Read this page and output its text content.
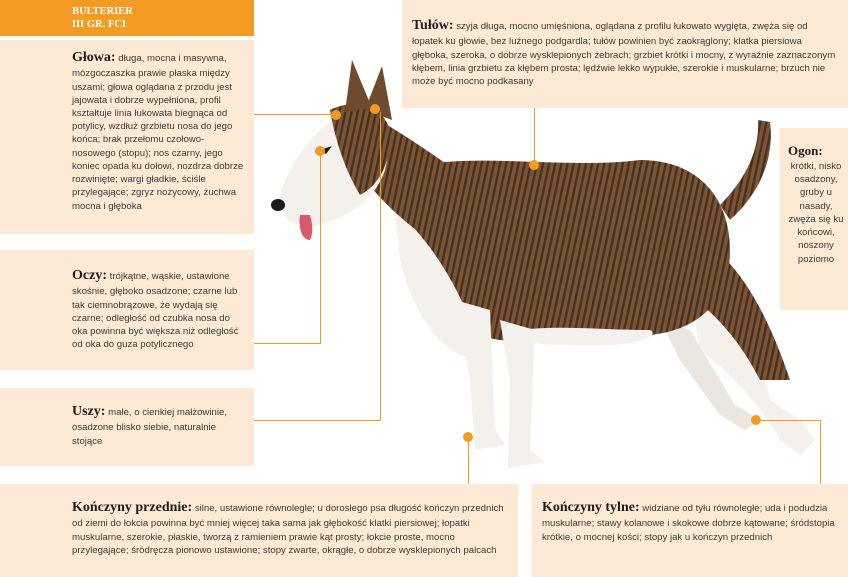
BULTERIER
III GR. FCI
Głowa: długa, mocna i masywna, mózgoczaszka prawie płaska między uszami; głowa oglądana z przodu jest jajowata i dobrze wypełniona, profil kształtuje linia łukowata biegnąca od potylicy, wzdłuż grzbietu nosa do jego końca; brak przełomu czołowo-nosowego (stopu); nos czarny, jego koniec opada ku dołowi, nozdrza dobrze rozwinięte; wargi gładkie, ściśle przylegające; zgryz nożycowy, żuchwa mocna i głęboka
Oczy: trójkątne, wąskie, ustawione skośnie, głęboko osadzone; czarne lub tak ciemnobrązowe, że wydają się czarne; odległość od czubka nosa do oka powinna być większa niż odległość od oka do guza potylicznego
Uszy: małe, o cienkiej małżowinie, osadzone blisko siebie, naturalnie stojące
Tułów: szyja długa, mocno umięśniona, oglądana z profilu łukowato wygięta, zwęża się od łopatek ku głowie, bez luźnego podgardla; tułów powinien być zaokrąglony; klatka piersiowa głęboka, szeroka, o dobrze wysklepionych żebrach; grzbiet krótki i mocny, z wyraźnie zaznaczonym kłębem, linia grzbietu za kłębem prosta; lędźwie lekko wypukłe, szerokie i muskularne; brzuch nie może być mocno podkasany
Ogon:
krótki, nisko osadzony, gruby u nasady, zwęża się ku końcowi, noszony poziomo
Kończyny przednie: silne, ustawione równolegle; u dorosłego psa długość kończyn przednich od ziemi do łokcia powinna być mniej więcej taka sama jak głębokość klatki piersiowej; łopatki muskularne, szerokie, płaskie, tworzą z ramieniem prawie kąt prosty; łokcie proste, mocno przylegające; śródręcza pionowo ustawione; stopy zwarte, okrągłe, o dobrze wysklepionych palcach
Kończyny tylne: widziane od tyłu równoległe; uda i podudzia muskularne; stawy kolanowe i skokowe dobrze kątowane; śródstopia krótkie, o mocnej kości; stopy jak u kończyn przednich
